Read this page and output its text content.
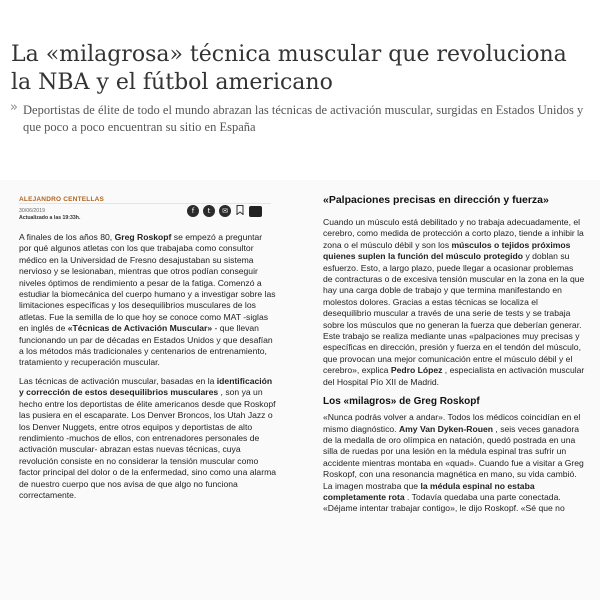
La «milagrosa» técnica muscular que revoluciona la NBA y el fútbol americano
» Deportistas de élite de todo el mundo abrazan las técnicas de activación muscular, surgidas en Estados Unidos y que poco a poco encuentran su sitio en España
ALEJANDRO CENTELLAS
30/06/2019
Actualizado a las 19:33h.
f	t	✉

A finales de los años 80, Greg Roskopf se empezó a preguntar por qué algunos atletas con los que trabajaba como consultor médico en la Universidad de Fresno desajustaban su sistema nervioso y se lesionaban, mientras que otros podían conseguir niveles óptimos de rendimiento a pesar de la fatiga. Comenzó a estudiar la biomecánica del cuerpo humano y a investigar sobre las limitaciones específicas y los desequilibrios musculares de los atletas. Fue la semilla de lo que hoy se conoce como MAT -siglas en inglés de «Técnicas de Activación Muscular» - que llevan funcionando un par de décadas en Estados Unidos y que desafían a los métodos más tradicionales y centenarios de entrenamiento, tratamiento y recuperación muscular.

Las técnicas de activación muscular, basadas en la identificación y corrección de estos desequilibrios musculares , son ya un hecho entre los deportistas de élite americanos desde que Roskopf las pusiera en el escaparate. Los Denver Broncos, los Utah Jazz o los Denver Nuggets, entre otros equipos y deportistas de alto rendimiento -muchos de ellos, con entrenadores personales de activación muscular- abrazan estas nuevas técnicas, cuya revolución consiste en no considerar la tensión muscular como factor principal del dolor o de la enfermedad, sino como una alarma de nuestro cuerpo que nos avisa de que algo no funciona correctamente.

«Palpaciones precisas en dirección y fuerza»

Cuando un músculo está debilitado y no trabaja adecuadamente, el cerebro, como medida de protección a corto plazo, tiende a inhibir la zona o el músculo débil y son los músculos o tejidos próximos quienes suplen la función del músculo protegido y doblan su esfuerzo. Esto, a largo plazo, puede llegar a ocasionar problemas de contracturas o de excesiva tensión muscular en la zona en la que hay una carga doble de trabajo y que termina manifestando en molestos dolores. Gracias a estas técnicas se localiza el desequilibrio muscular a través de una serie de tests y se trabaja sobre los músculos que no generan la fuerza que deberían generar. Este trabajo se realiza mediante unas «palpaciones muy precisas y específicas en dirección, presión y fuerza en el tendón del músculo, que provocan una mejor comunicación entre el músculo débil y el cerebro», explica Pedro López , especialista en activación muscular del Hospital Pío XII de Madrid.

Los «milagros» de Greg Roskopf

«Nunca podrás volver a andar». Todos los médicos coincidían en el mismo diagnóstico. Amy Van Dyken-Rouen , seis veces ganadora de la medalla de oro olímpica en natación, quedó postrada en una silla de ruedas por una lesión en la médula espinal tras sufrir un accidente mientras montaba en «quad». Cuando fue a visitar a Greg Roskopf, con una resonancia magnética en mano, su vida cambió. La imagen mostraba que la médula espinal no estaba completamente rota . Todavía quedaba una parte conectada. «Déjame intentar trabajar contigo», le dijo Roskopf. «Sé que no
